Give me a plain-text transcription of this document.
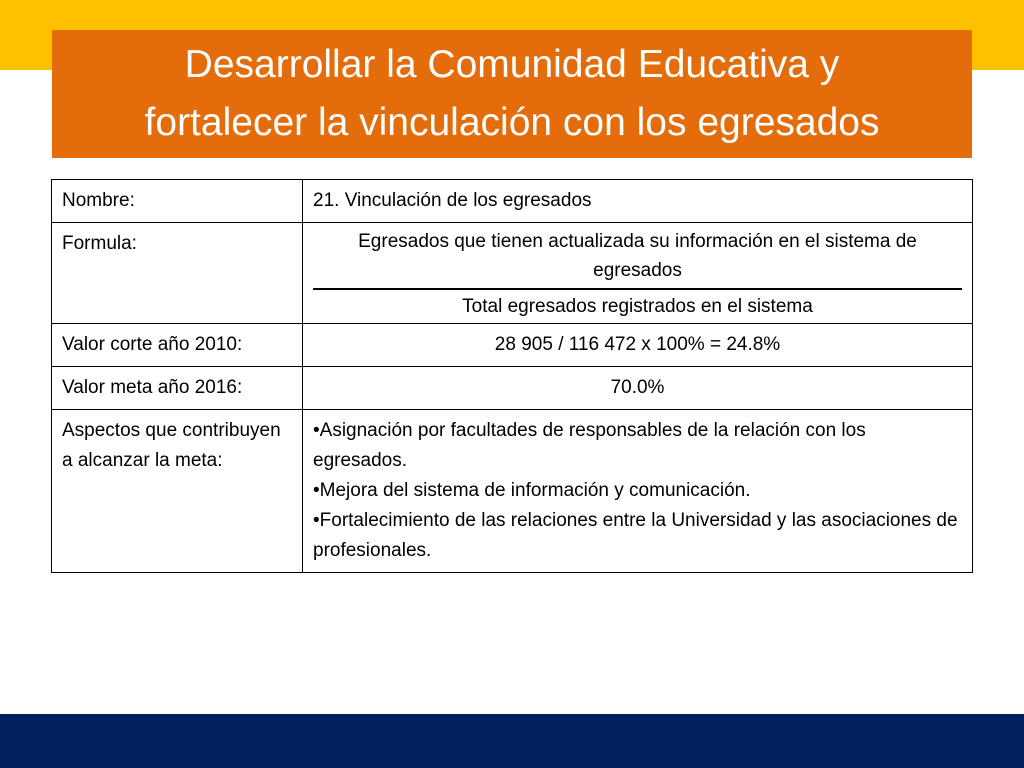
Desarrollar la Comunidad Educativa y
fortalecer la vinculación con los egresados
Nombre:	21. Vinculación de los egresados
Formula:	Egresados que tienen actualizada su información en el sistema de egresados
Total egresados registrados en el sistema

Valor corte año 2010:	28 905 / 116 472 x 100% = 24.8%
Valor meta año 2016:	70.0%
Aspectos que contribuyen a alcanzar la meta:	•Asignación por facultades de responsables de la relación con los egresados.
•Mejora del sistema de información y comunicación.
•Fortalecimiento de las relaciones entre la Universidad y las asociaciones de profesionales.
